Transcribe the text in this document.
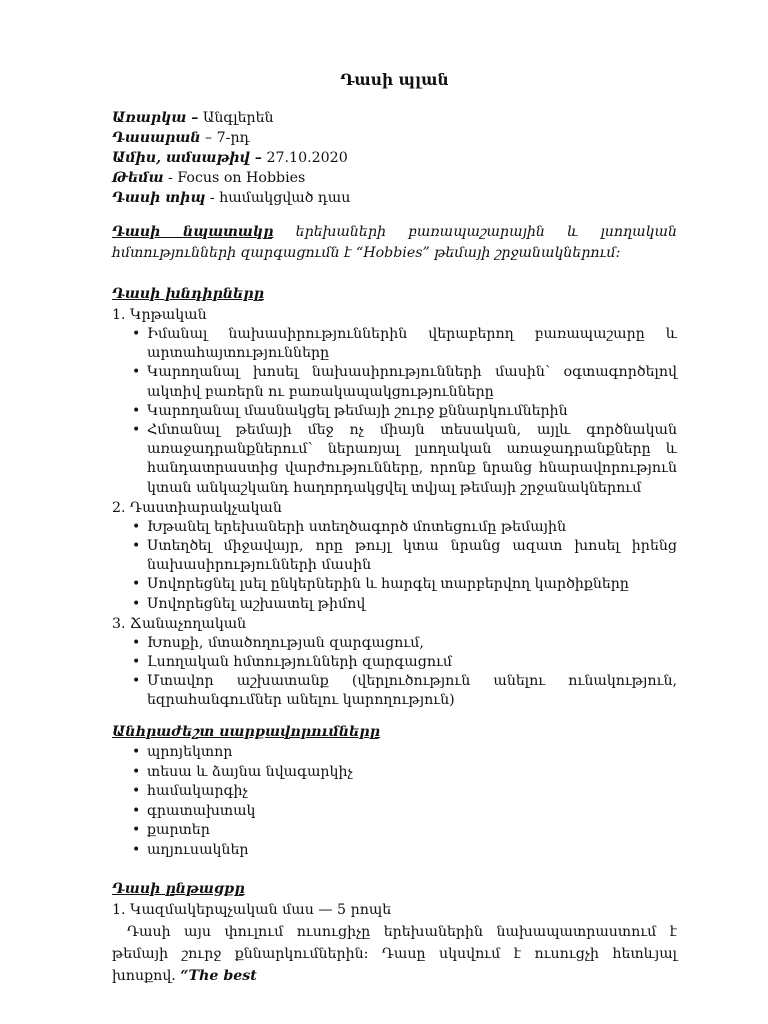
Դասի պլան
Առարկա – Անգլերեն
Դասարան – 7-րդ
Ամիս, ամսաթիվ – 27.10.2020
Թեմա - Focus on Hobbies
Դասի տիպ - համակցված դաս
Դասի նպատակը երեխաների բառապաշարային և լսողական հմտությունների զարգացումն է “Hobbies” թեմայի շրջանակներում:
Դասի խնդիրները
1. Կրթական
• Իմանալ նախասիրություններին վերաբերող բառապաշարը և արտահայտությունները
• Կարողանալ խոսել նախասիրությունների մասին՝ օգտագործելով ակտիվ բառերն ու բառակապակցությունները
• Կարողանալ մասնակցել թեմայի շուրջ քննարկումներին
• Հմտանալ թեմայի մեջ ոչ միայն տեսական, այլև գործնական առաջադրանքներում՝ ներառյալ լսողական առաջադրանքները և հանդատրաստից վարժությունները, որոնք նրանց հնարավորություն կտան անկաշկանդ հաղորդակցվել տվյալ թեմայի շրջանակներում
2. Դաստիարակչական
• Խթանել երեխաների ստեղծագործ մոտեցումը թեմային
• Ստեղծել միջավայր, որը թույլ կտա նրանց ազատ խոսել իրենց նախասիրությունների մասին
• Սովորեցնել լսել ընկերներին և հարգել տարբերվող կարծիքները
• Սովորեցնել աշխատել թիմով
3. Ճանաչողական
• Խոսքի, մտածողության զարգացում,
• Լսողական հմտությունների զարգացում
• Մտավոր աշխատանք (վերլուծություն անելու ունակություն, եզրահանգումներ անելու կարողություն)
Անհրաժեշտ սարքավորումները
• պրոյեկտոր
• տեսա և ձայնա նվագարկիչ
• համակարգիչ
• գրատախտակ
• քարտեր
• աղյուսակներ
Դասի ընթացքը
1. Կազմակերպչական մաս — 5 րոպե
Դասի այս փուլում ուսուցիչը երեխաներին նախապատրաստում է թեմայի շուրջ քննարկումներին: Դասը սկսվում է ուսուցչի հետևյալ խոսքով. “The best
